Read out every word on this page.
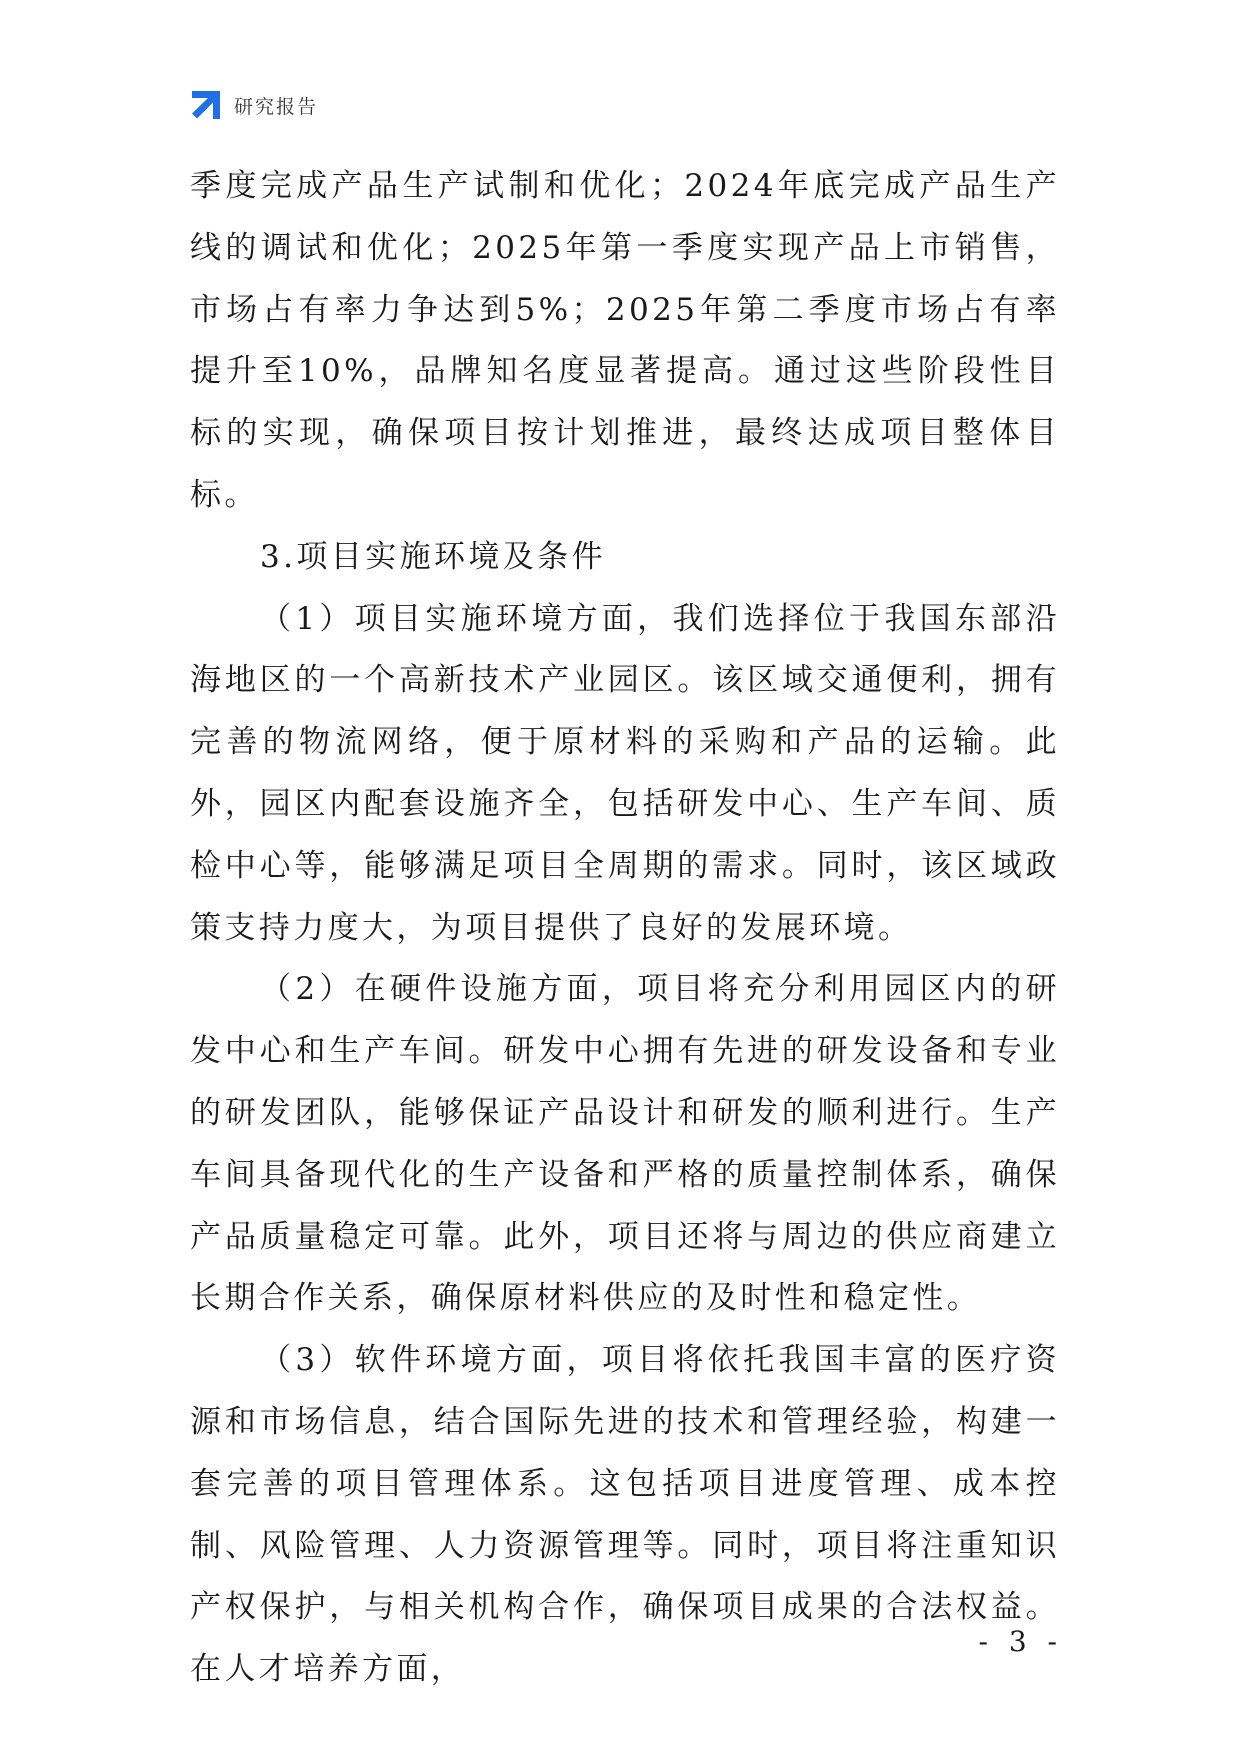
研究报告

季度完成产品生产试制和优化；2024年底完成产品生产线的调试和优化；2025年第一季度实现产品上市销售，市场占有率力争达到5%；2025年第二季度市场占有率提升至10%，品牌知名度显著提高。通过这些阶段性目标的实现，确保项目按计划推进，最终达成项目整体目标。

3.项目实施环境及条件

（1）项目实施环境方面，我们选择位于我国东部沿海地区的一个高新技术产业园区。该区域交通便利，拥有完善的物流网络，便于原材料的采购和产品的运输。此外，园区内配套设施齐全，包括研发中心、生产车间、质检中心等，能够满足项目全周期的需求。同时，该区域政策支持力度大，为项目提供了良好的发展环境。

（2）在硬件设施方面，项目将充分利用园区内的研发中心和生产车间。研发中心拥有先进的研发设备和专业的研发团队，能够保证产品设计和研发的顺利进行。生产车间具备现代化的生产设备和严格的质量控制体系，确保产品质量稳定可靠。此外，项目还将与周边的供应商建立长期合作关系，确保原材料供应的及时性和稳定性。

（3）软件环境方面，项目将依托我国丰富的医疗资源和市场信息，结合国际先进的技术和管理经验，构建一套完善的项目管理体系。这包括项目进度管理、成本控制、风险管理、人力资源管理等。同时，项目将注重知识产权保护，与相关机构合作，确保项目成果的合法权益。在人才培养方面，

- 3 -
